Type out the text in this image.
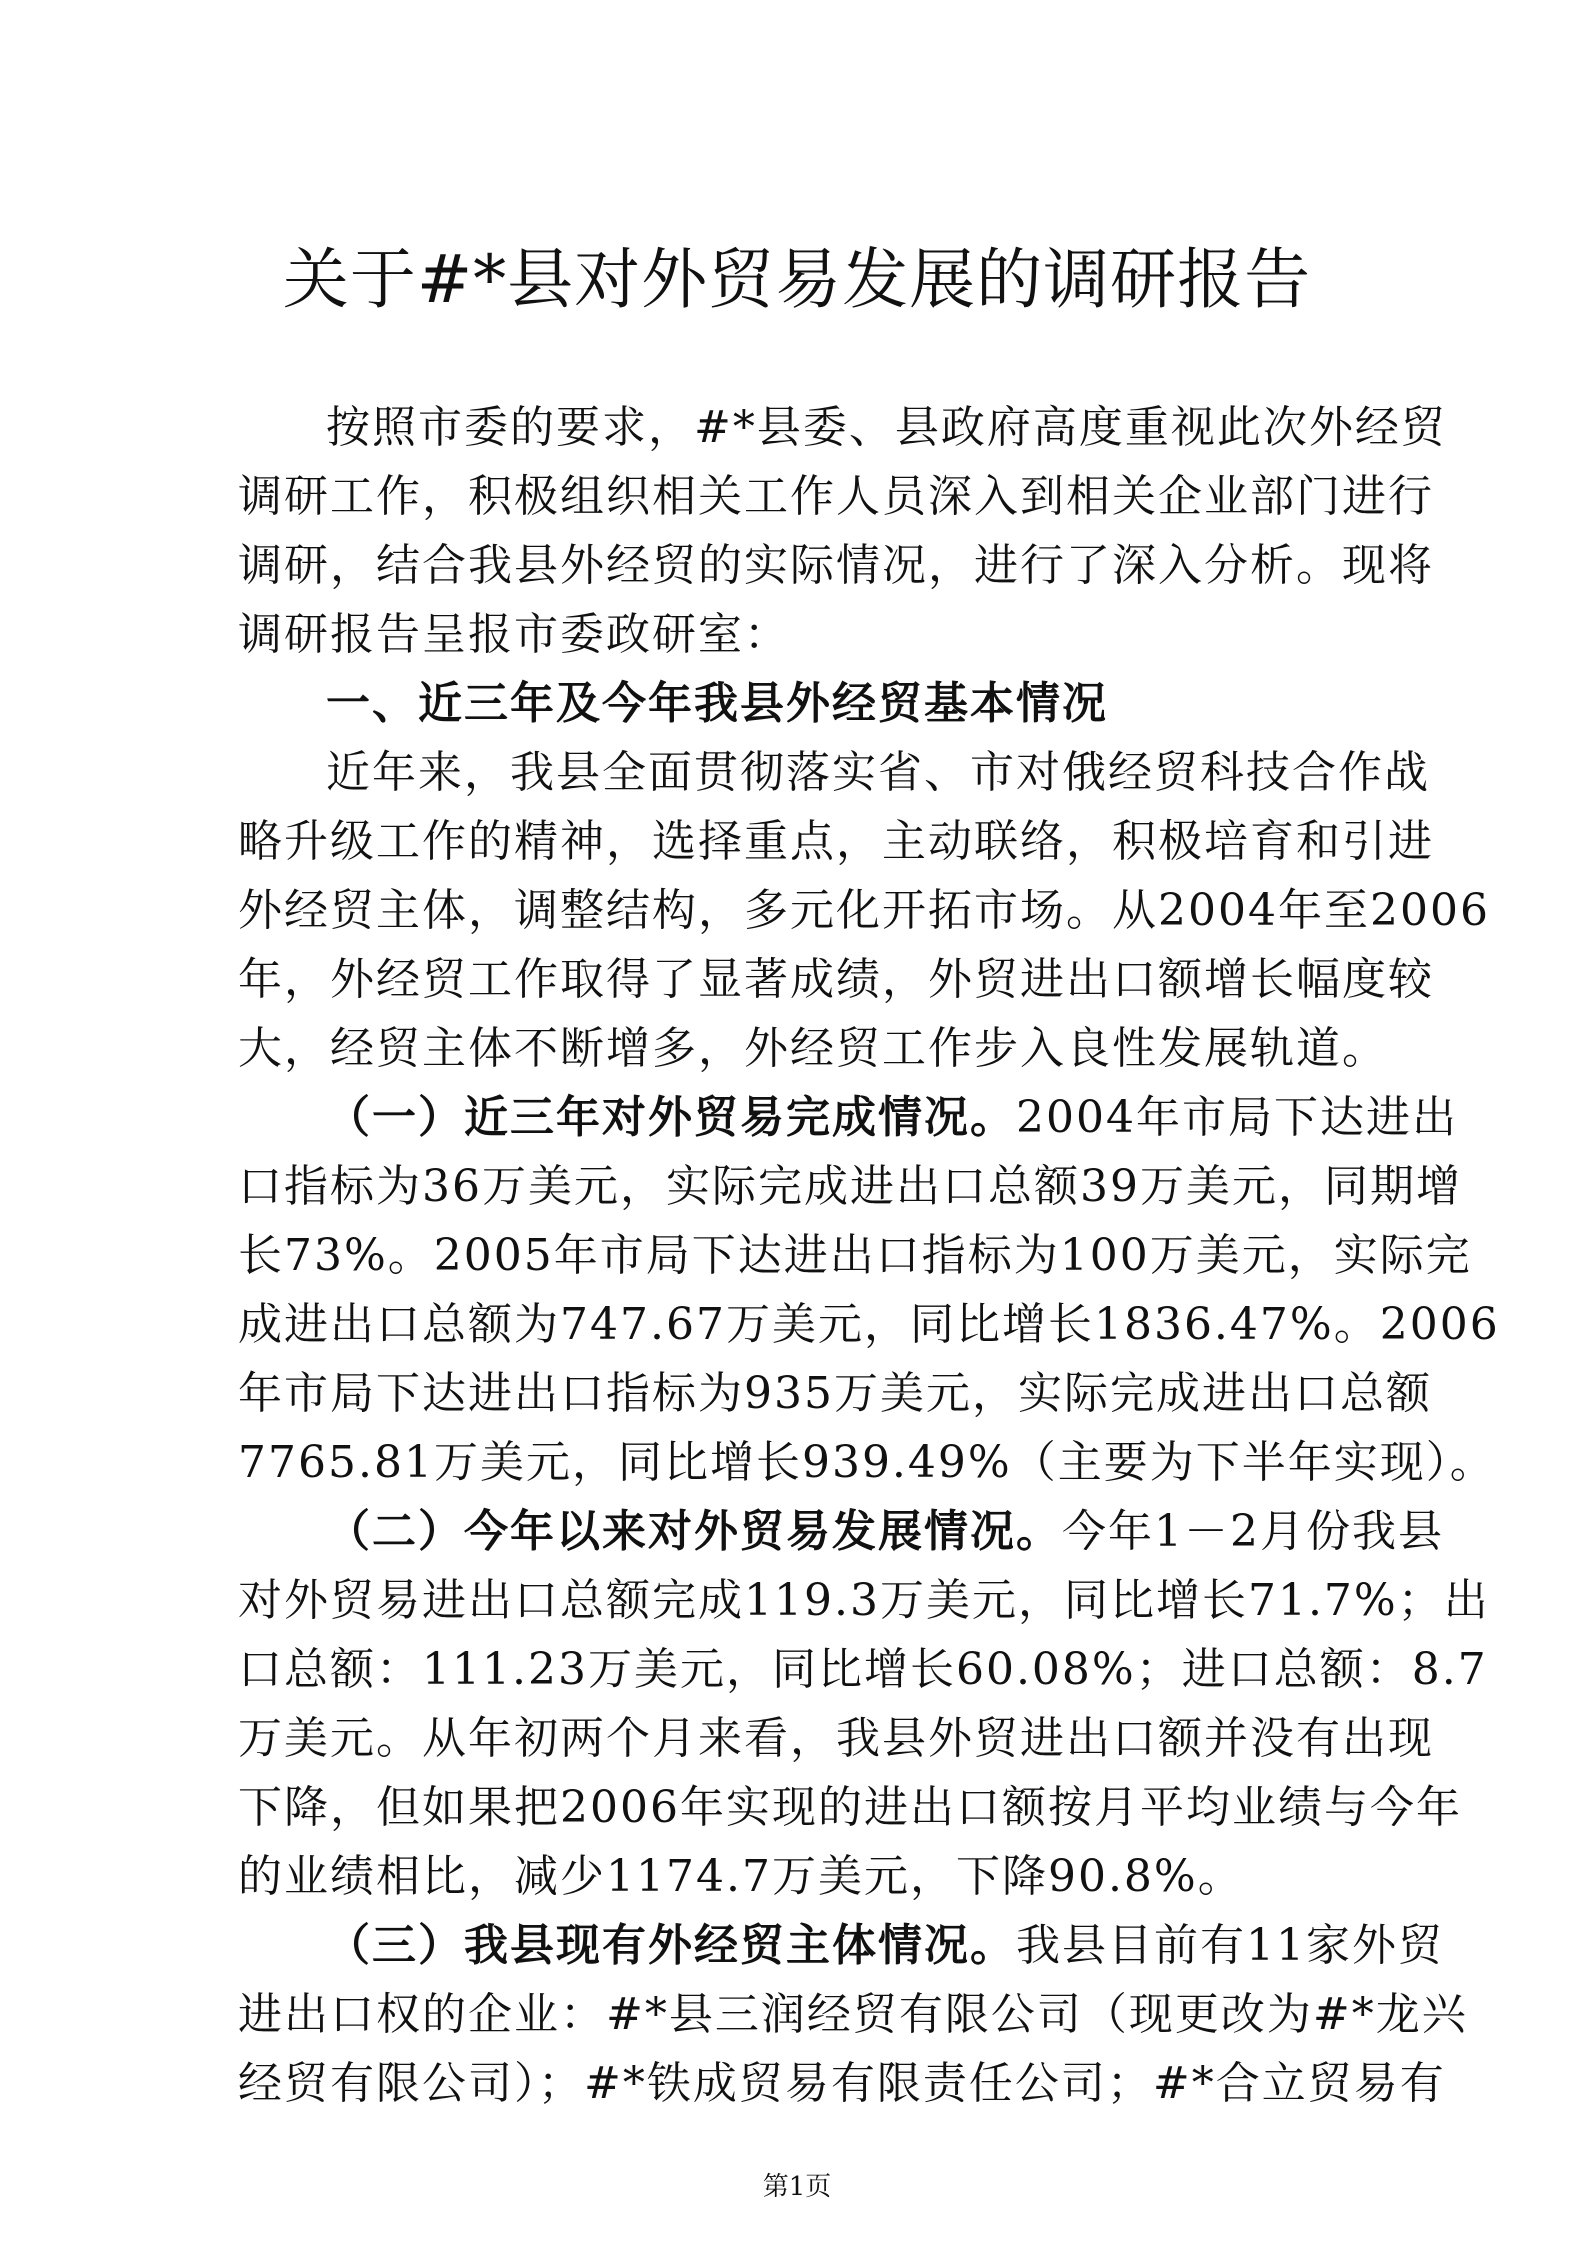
关于#*县对外贸易发展的调研报告
按照市委的要求，#*县委、县政府高度重视此次外经贸
调研工作，积极组织相关工作人员深入到相关企业部门进行
调研，结合我县外经贸的实际情况，进行了深入分析。现将
调研报告呈报市委政研室：
一、近三年及今年我县外经贸基本情况
近年来，我县全面贯彻落实省、市对俄经贸科技合作战
略升级工作的精神，选择重点，主动联络，积极培育和引进
外经贸主体，调整结构，多元化开拓市场。从2004年至2006
年，外经贸工作取得了显著成绩，外贸进出口额增长幅度较
大，经贸主体不断增多，外经贸工作步入良性发展轨道。
（一）近三年对外贸易完成情况。2004年市局下达进出
口指标为36万美元，实际完成进出口总额39万美元，同期增
长73%。2005年市局下达进出口指标为100万美元，实际完
成进出口总额为747.67万美元，同比增长1836.47%。2006
年市局下达进出口指标为935万美元，实际完成进出口总额
7765.81万美元，同比增长939.49%（主要为下半年实现）。
（二）今年以来对外贸易发展情况。今年1－2月份我县
对外贸易进出口总额完成119.3万美元，同比增长71.7%；出
口总额：111.23万美元，同比增长60.08%；进口总额：8.7
万美元。从年初两个月来看，我县外贸进出口额并没有出现
下降，但如果把2006年实现的进出口额按月平均业绩与今年
的业绩相比，减少1174.7万美元，下降90.8%。
（三）我县现有外经贸主体情况。我县目前有11家外贸
进出口权的企业：#*县三润经贸有限公司（现更改为#*龙兴
经贸有限公司）；#*铁成贸易有限责任公司；#*合立贸易有
第1页
